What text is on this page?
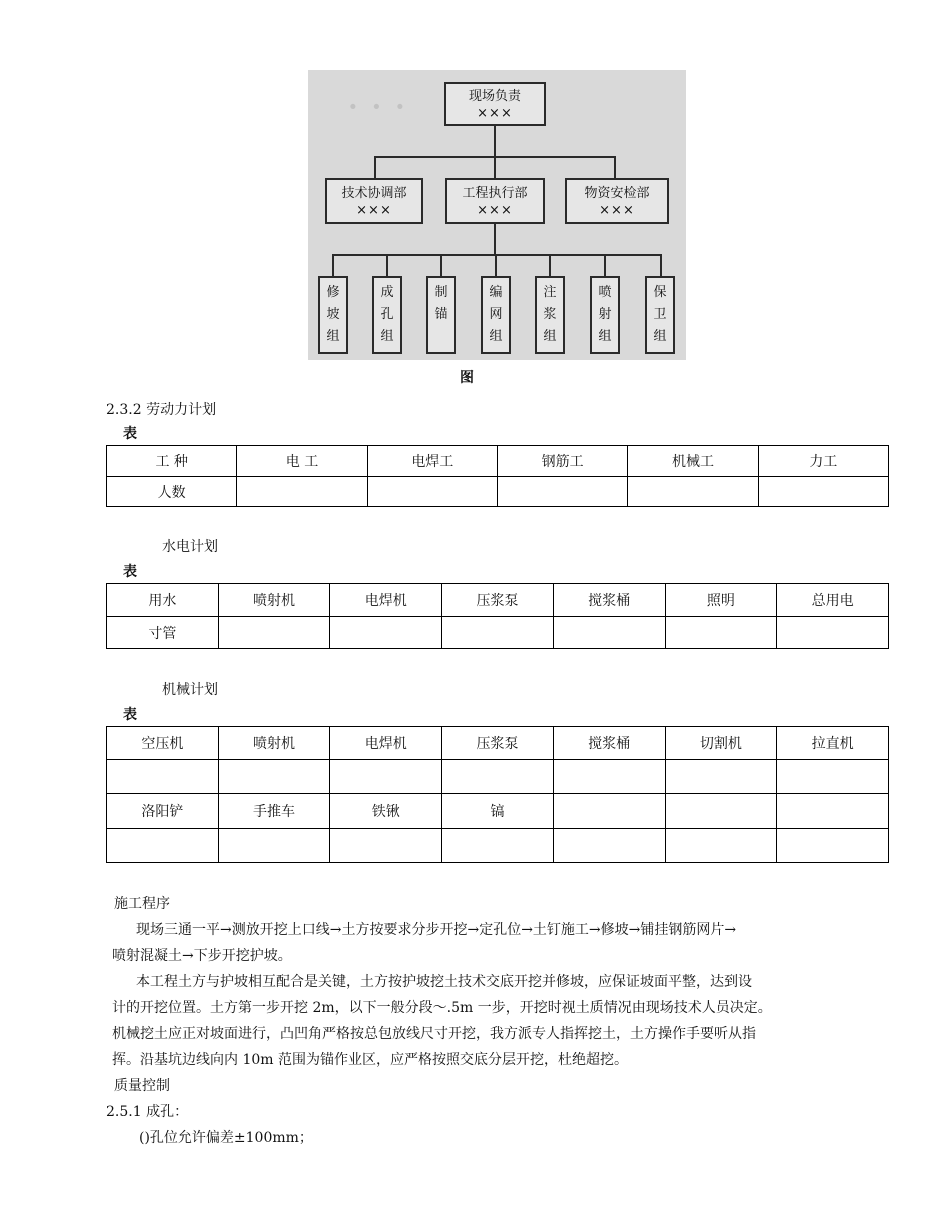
· · ·	现场负责
×××
技术协调部
×××
工程执行部
×××
物资安检部
×××
修坡组
成孔组
制锚
编网组
注浆组
喷射组
保卫组
图
2.3.2 劳动力计划
表
工 种	电 工	电焊工	钢筋工	机械工	力工
人数					
水电计划
表
用水	喷射机	电焊机	压浆泵	搅浆桶	照明	总用电
寸管						
机械计划
表
空压机	喷射机	电焊机	压浆泵	搅浆桶	切割机	拉直机

洛阳铲	手推车	铁锹	镐			

施工程序
现场三通一平→测放开挖上口线→土方按要求分步开挖→定孔位→土钉施工→修坡→铺挂钢筋网片→
喷射混凝土→下步开挖护坡。
本工程土方与护坡相互配合是关键，土方按护坡挖土技术交底开挖并修坡，应保证坡面平整，达到设
计的开挖位置。土方第一步开挖 2m，以下一般分段～.5m 一步，开挖时视土质情况由现场技术人员决定。
机械挖土应正对坡面进行，凸凹角严格按总包放线尺寸开挖，我方派专人指挥挖土，土方操作手要听从指
挥。沿基坑边线向内 10m 范围为锚作业区，应严格按照交底分层开挖，杜绝超挖。
质量控制
2.5.1 成孔：
()孔位允许偏差±100mm；
